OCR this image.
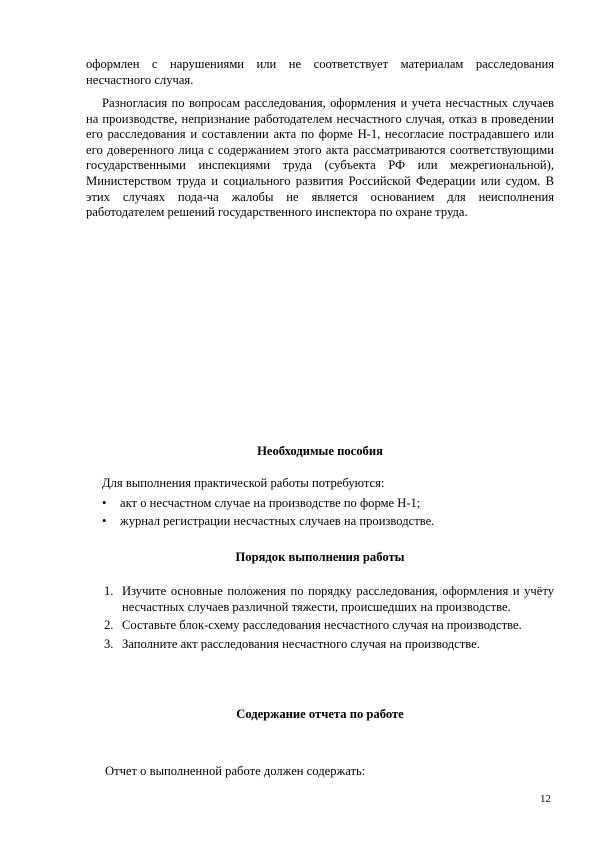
оформлен с нарушениями или не соответствует материалам расследования несчастного случая.
Разногласия по вопросам расследования, оформления и учета несчастных случаев на производстве, непризнание работодателем несчастного случая, отказ в проведении его расследования и составлении акта по форме Н-1, несогласие пострадавшего или его доверенного лица с содержанием этого акта рассматриваются соответствующими государственными инспекциями труда (субъекта РФ или межрегиональной), Министерством труда и социального развития Российской Федерации или судом. В этих случаях пода-ча жалобы не является основанием для неисполнения работодателем решений государственного инспектора по охране труда.
Необходимые пособия
Для выполнения практической работы потребуются:
• акт о несчастном случае на производстве по форме Н-1;
• журнал регистрации несчастных случаев на производстве.
Порядок выполнения работы
1. Изучите основные положения по порядку расследования, оформления и учёту несчастных случаев различной тяжести, происшедших на производстве.
2. Составьте блок-схему расследования несчастного случая на производстве.
3. Заполните акт расследования несчастного случая на производстве.
Содержание отчета по работе
Отчет о выполненной работе должен содержать:
12
